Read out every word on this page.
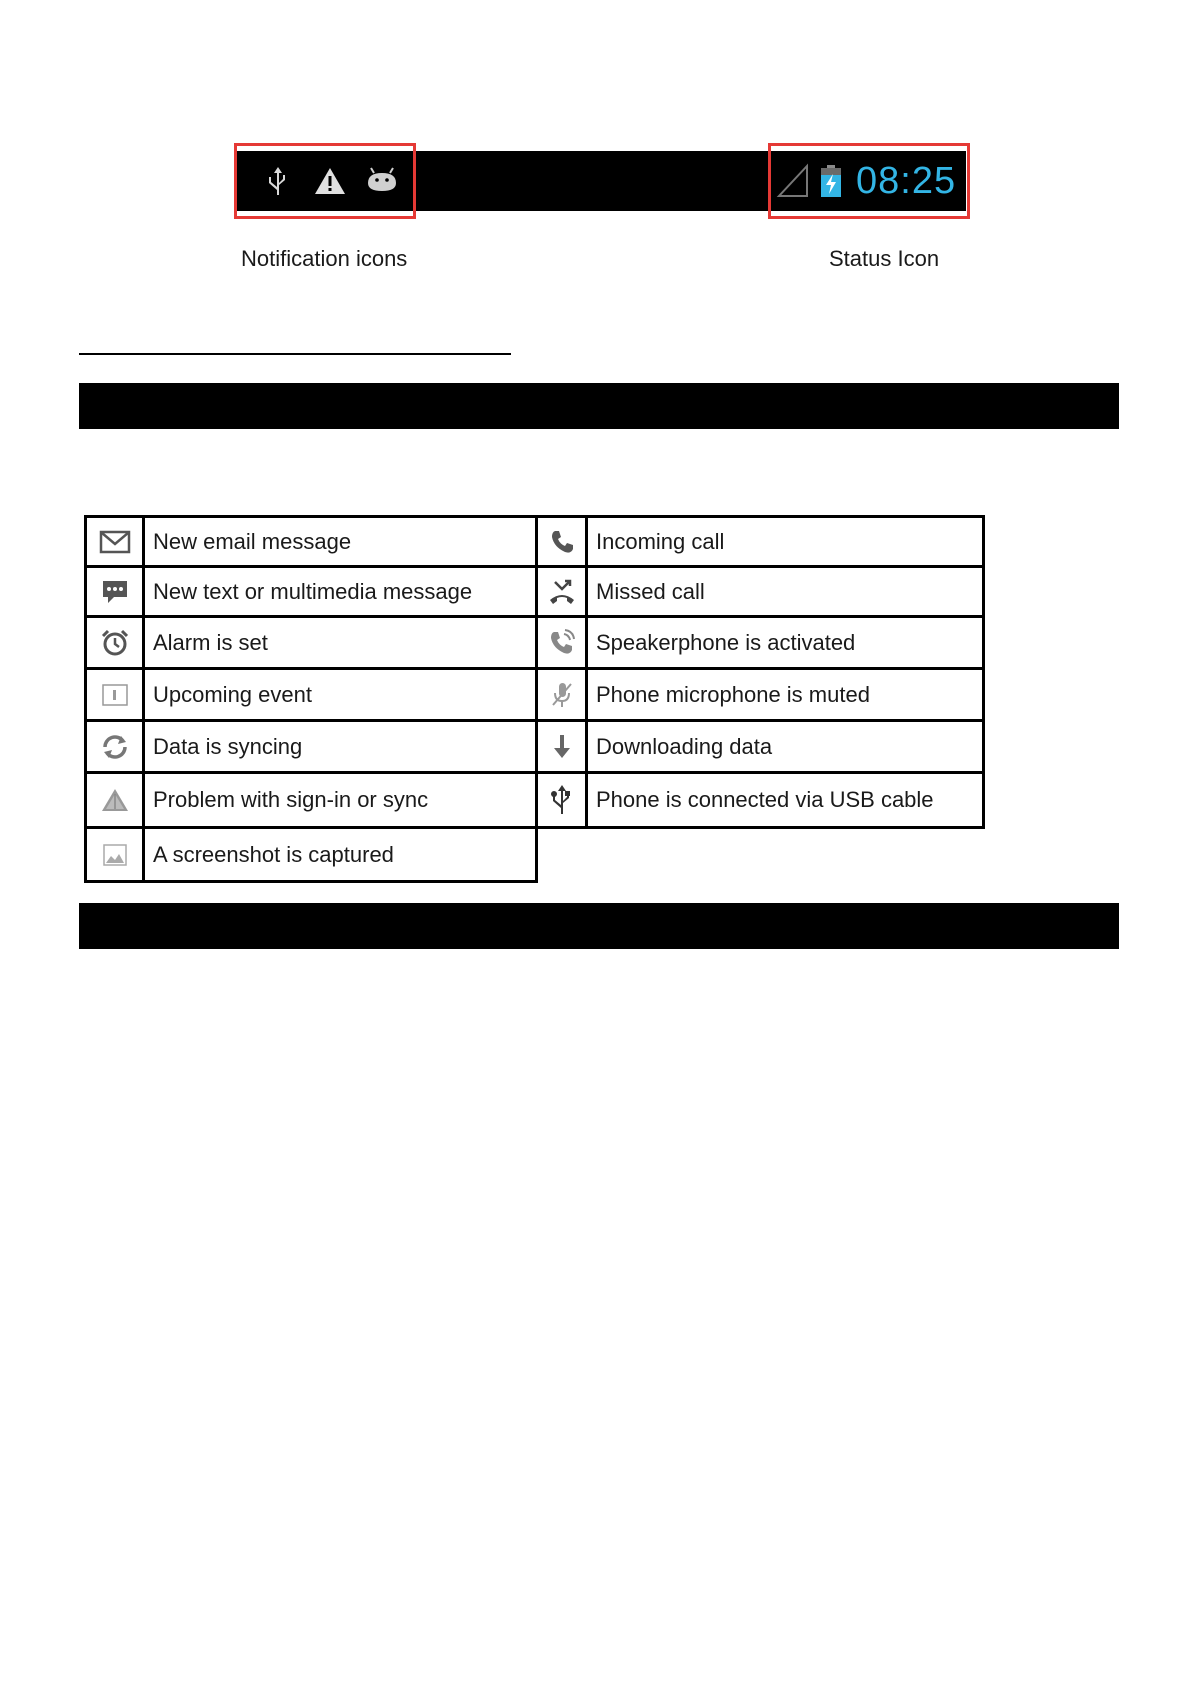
08:25
Notification icons	Status Icon
New email message
New text or multimedia message
Alarm is set
Upcoming event
Data is syncing
Problem with sign-in or sync
A screenshot is captured
Incoming call
Missed call
Speakerphone is activated
Phone microphone is muted
Downloading data
Phone is connected via USB cable
